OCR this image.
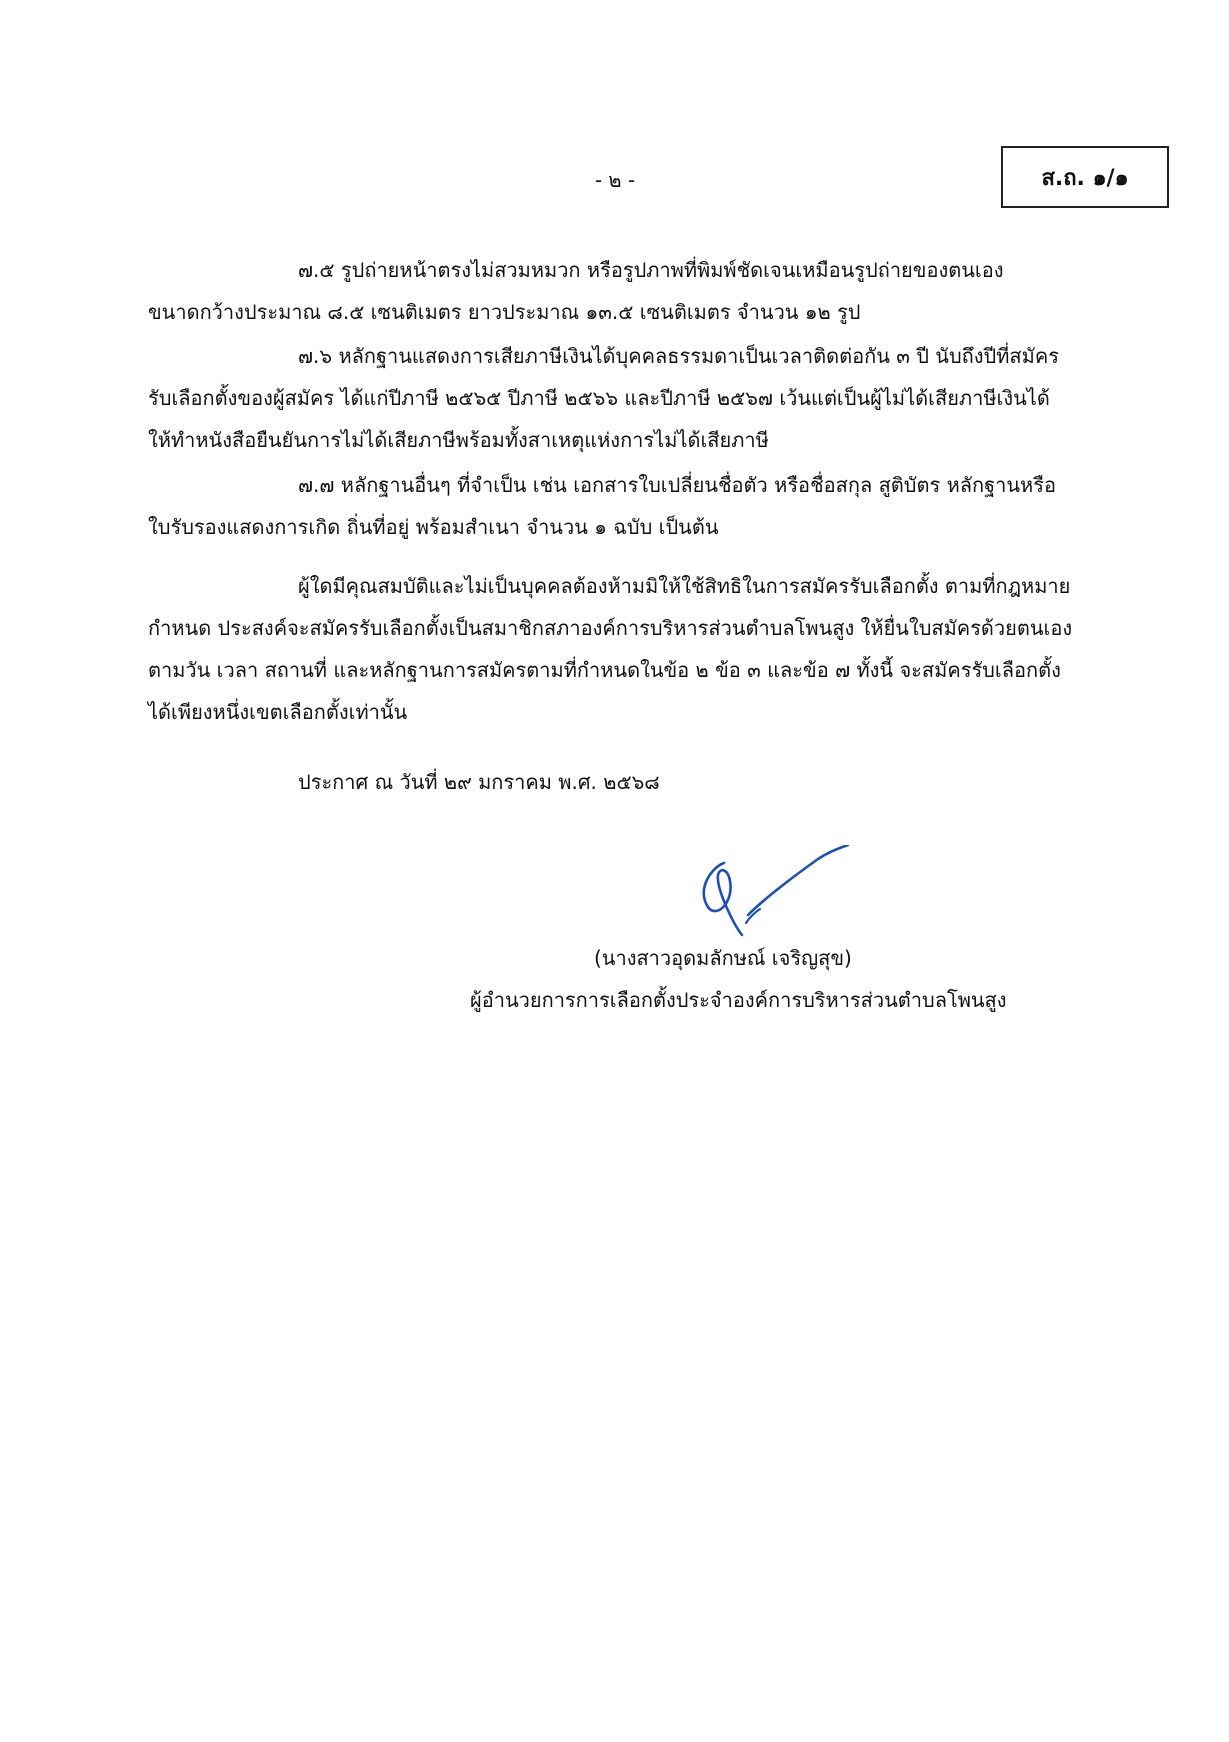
- ๒ -	ส.ถ. ๑/๑
๗.๕ รูปถ่ายหน้าตรงไม่สวมหมวก หรือรูปภาพที่พิมพ์ชัดเจนเหมือนรูปถ่ายของตนเอง
ขนาดกว้างประมาณ ๘.๕ เซนติเมตร ยาวประมาณ ๑๓.๕ เซนติเมตร จำนวน ๑๒ รูป
๗.๖ หลักฐานแสดงการเสียภาษีเงินได้บุคคลธรรมดาเป็นเวลาติดต่อกัน ๓ ปี นับถึงปีที่สมัคร
รับเลือกตั้งของผู้สมัคร ได้แก่ปีภาษี ๒๕๖๕ ปีภาษี ๒๕๖๖ และปีภาษี ๒๕๖๗ เว้นแต่เป็นผู้ไม่ได้เสียภาษีเงินได้
ให้ทำหนังสือยืนยันการไม่ได้เสียภาษีพร้อมทั้งสาเหตุแห่งการไม่ได้เสียภาษี
๗.๗ หลักฐานอื่นๆ ที่จำเป็น เช่น เอกสารใบเปลี่ยนชื่อตัว หรือชื่อสกุล สูติบัตร หลักฐานหรือ
ใบรับรองแสดงการเกิด ถิ่นที่อยู่ พร้อมสำเนา จำนวน ๑ ฉบับ เป็นต้น
ผู้ใดมีคุณสมบัติและไม่เป็นบุคคลต้องห้ามมิให้ใช้สิทธิในการสมัครรับเลือกตั้ง ตามที่กฎหมาย
กำหนด ประสงค์จะสมัครรับเลือกตั้งเป็นสมาชิกสภาองค์การบริหารส่วนตำบลโพนสูง ให้ยื่นใบสมัครด้วยตนเอง
ตามวัน เวลา สถานที่ และหลักฐานการสมัครตามที่กำหนดในข้อ ๒ ข้อ ๓ และข้อ ๗ ทั้งนี้ จะสมัครรับเลือกตั้ง
ได้เพียงหนึ่งเขตเลือกตั้งเท่านั้น
ประกาศ ณ วันที่ ๒๙ มกราคม พ.ศ. ๒๕๖๘
(นางสาวอุดมลักษณ์ เจริญสุข)
ผู้อำนวยการการเลือกตั้งประจำองค์การบริหารส่วนตำบลโพนสูง
